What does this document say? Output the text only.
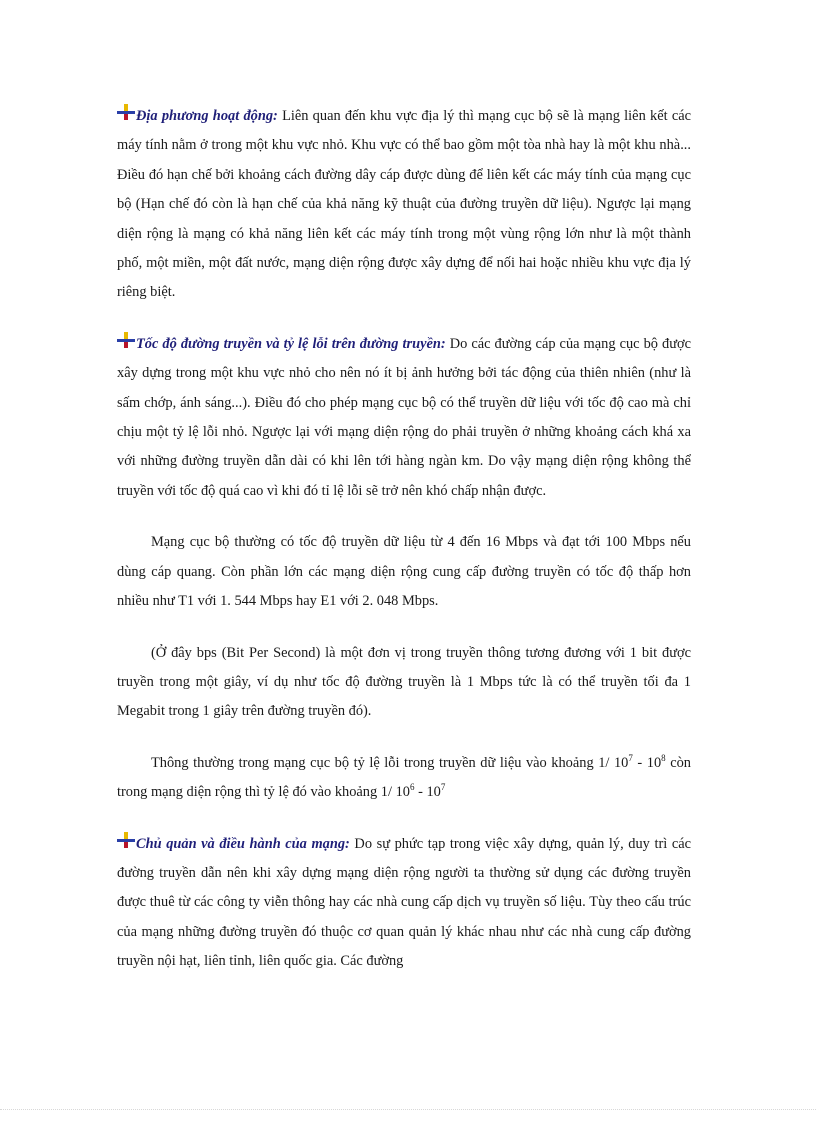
Địa phương hoạt động: Liên quan đến khu vực địa lý thì mạng cục bộ sẽ là mạng liên kết các máy tính nằm ở trong một khu vực nhỏ. Khu vực có thể bao gồm một tòa nhà hay là một khu nhà... Điều đó hạn chế bởi khoảng cách đường dây cáp được dùng để liên kết các máy tính của mạng cục bộ (Hạn chế đó còn là hạn chế của khả năng kỹ thuật của đường truyền dữ liệu). Ngược lại mạng diện rộng là mạng có khả năng liên kết các máy tính trong một vùng rộng lớn như là một thành phố, một miền, một đất nước, mạng diện rộng được xây dựng để nối hai hoặc nhiều khu vực địa lý riêng biệt.

Tốc độ đường truyền và tỷ lệ lỗi trên đường truyền: Do các đường cáp của mạng cục bộ được xây dựng trong một khu vực nhỏ cho nên nó ít bị ảnh hưởng bởi tác động của thiên nhiên (như là sấm chớp, ánh sáng...). Điều đó cho phép mạng cục bộ có thể truyền dữ liệu với tốc độ cao mà chỉ chịu một tỷ lệ lỗi nhỏ. Ngược lại với mạng diện rộng do phải truyền ở những khoảng cách khá xa với những đường truyền dẫn dài có khi lên tới hàng ngàn km. Do vậy mạng diện rộng không thể truyền với tốc độ quá cao vì khi đó tỉ lệ lỗi sẽ trở nên khó chấp nhận được.

Mạng cục bộ thường có tốc độ truyền dữ liệu từ 4 đến 16 Mbps và đạt tới 100 Mbps nếu dùng cáp quang. Còn phần lớn các mạng diện rộng cung cấp đường truyền có tốc độ thấp hơn nhiều như T1 với 1. 544 Mbps hay E1 với 2. 048 Mbps.

(Ở đây bps (Bit Per Second) là một đơn vị trong truyền thông tương đương với 1 bit được truyền trong một giây, ví dụ như tốc độ đường truyền là 1 Mbps tức là có thể truyền tối đa 1 Megabit trong 1 giây trên đường truyền đó).

Thông thường trong mạng cục bộ tỷ lệ lỗi trong truyền dữ liệu vào khoảng 1/ $10^7 - 10^8$ còn trong mạng diện rộng thì tỷ lệ đó vào khoảng 1/ $10^6 - 10^7$

Chủ quản và điều hành của mạng: Do sự phức tạp trong việc xây dựng, quản lý, duy trì các đường truyền dẫn nên khi xây dựng mạng diện rộng người ta thường sử dụng các đường truyền được thuê từ các công ty viễn thông hay các nhà cung cấp dịch vụ truyền số liệu. Tùy theo cấu trúc của mạng những đường truyền đó thuộc cơ quan quản lý khác nhau như các nhà cung cấp đường truyền nội hạt, liên tỉnh, liên quốc gia. Các đường
